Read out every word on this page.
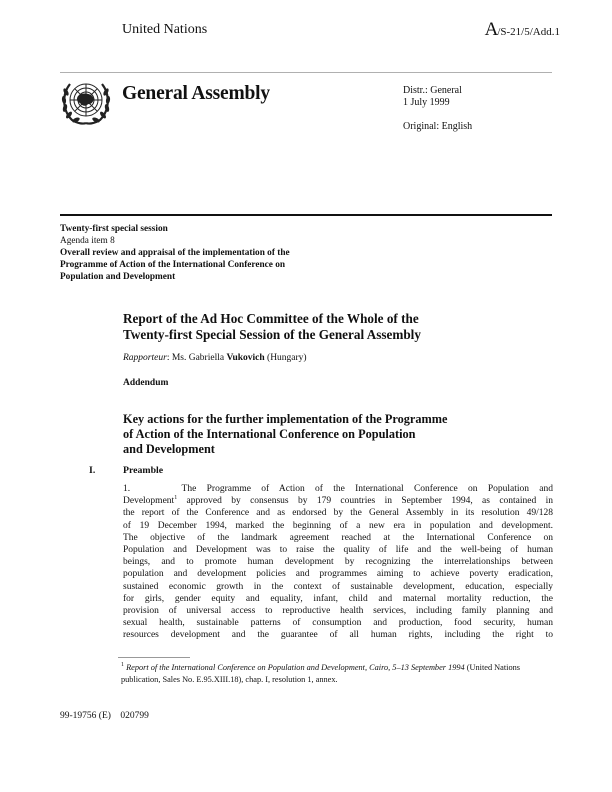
United Nations	A/S-21/5/Add.1
General Assembly	Distr.: General
1 July 1999
Original: English
Twenty-first special session
Agenda item 8
Overall review and appraisal of the implementation of the
Programme of Action of the International Conference on
Population and Development
Report of the Ad Hoc Committee of the Whole of the
Twenty-first Special Session of the General Assembly
Rapporteur: Ms. Gabriella Vukovich (Hungary)
Addendum
Key actions for the further implementation of the Programme
of Action of the International Conference on Population
and Development
I.	Preamble
1.     The Programme of Action of the International Conference on Population and
Development$^1$ approved by consensus by 179 countries in September 1994, as contained in
the report of the Conference and as endorsed by the General Assembly in its resolution 49/128
of 19 December 1994, marked the beginning of a new era in population and development.
The objective of the landmark agreement reached at the International Conference on
Population and Development was to raise the quality of life and the well-being of human
beings, and to promote human development by recognizing the interrelationships between
population and development policies and programmes aiming to achieve poverty eradication,
sustained economic growth in the context of sustainable development, education, especially
for girls, gender equity and equality, infant, child and maternal mortality reduction, the
provision of universal access to reproductive health services, including family planning and
sexual health, sustainable patterns of consumption and production, food security, human
resources development and the guarantee of all human rights, including the right to
$^1$ Report of the International Conference on Population and Development, Cairo, 5–13 September 1994 (United Nations publication, Sales No. E.95.XIII.18), chap. I, resolution 1, annex.
99-19756 (E)    020799
